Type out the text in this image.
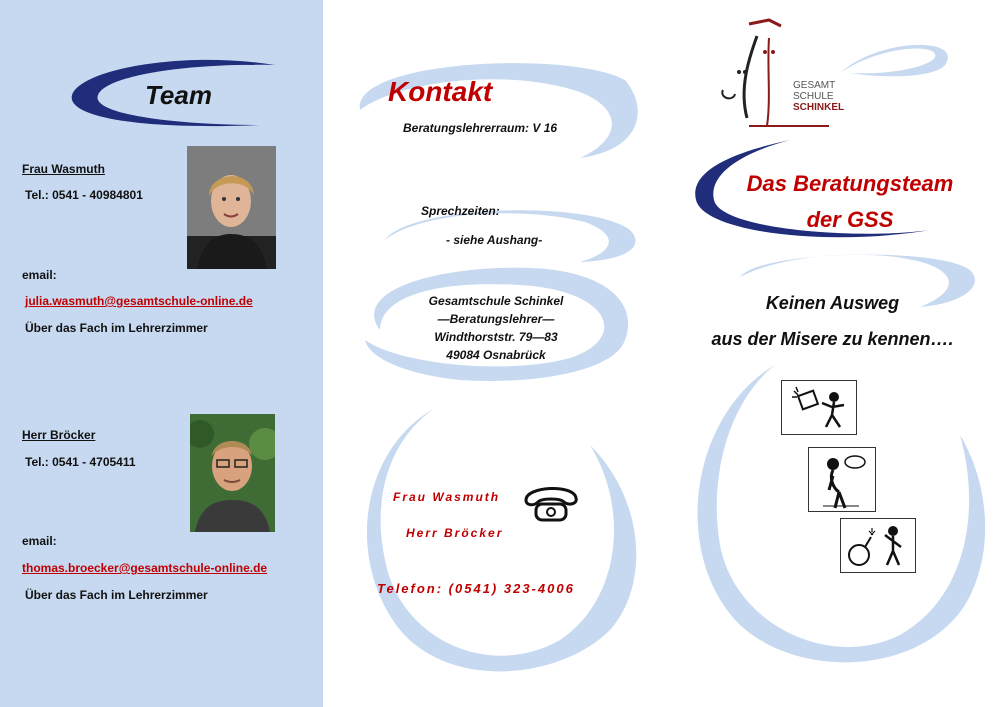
Team
Frau Wasmuth
Tel.: 0541 - 40984801
email:
julia.wasmuth@gesamtschule-online.de
Über das Fach im Lehrerzimmer
Herr Bröcker
Tel.: 0541 - 4705411
email:
thomas.broecker@gesamtschule-online.de
Über das Fach im Lehrerzimmer
Kontakt
Beratungslehrerraum: V 16
Sprechzeiten:
- siehe Aushang-
Gesamtschule Schinkel
—Beratungslehrer—
Windthorststr. 79—83
49084 Osnabrück
Frau Wasmuth
Herr Bröcker
Telefon: (0541) 323-4006
GESAMT
SCHULE
SCHINKEL
Das Beratungsteam
der GSS
Keinen Ausweg
aus der Misere zu kennen….
